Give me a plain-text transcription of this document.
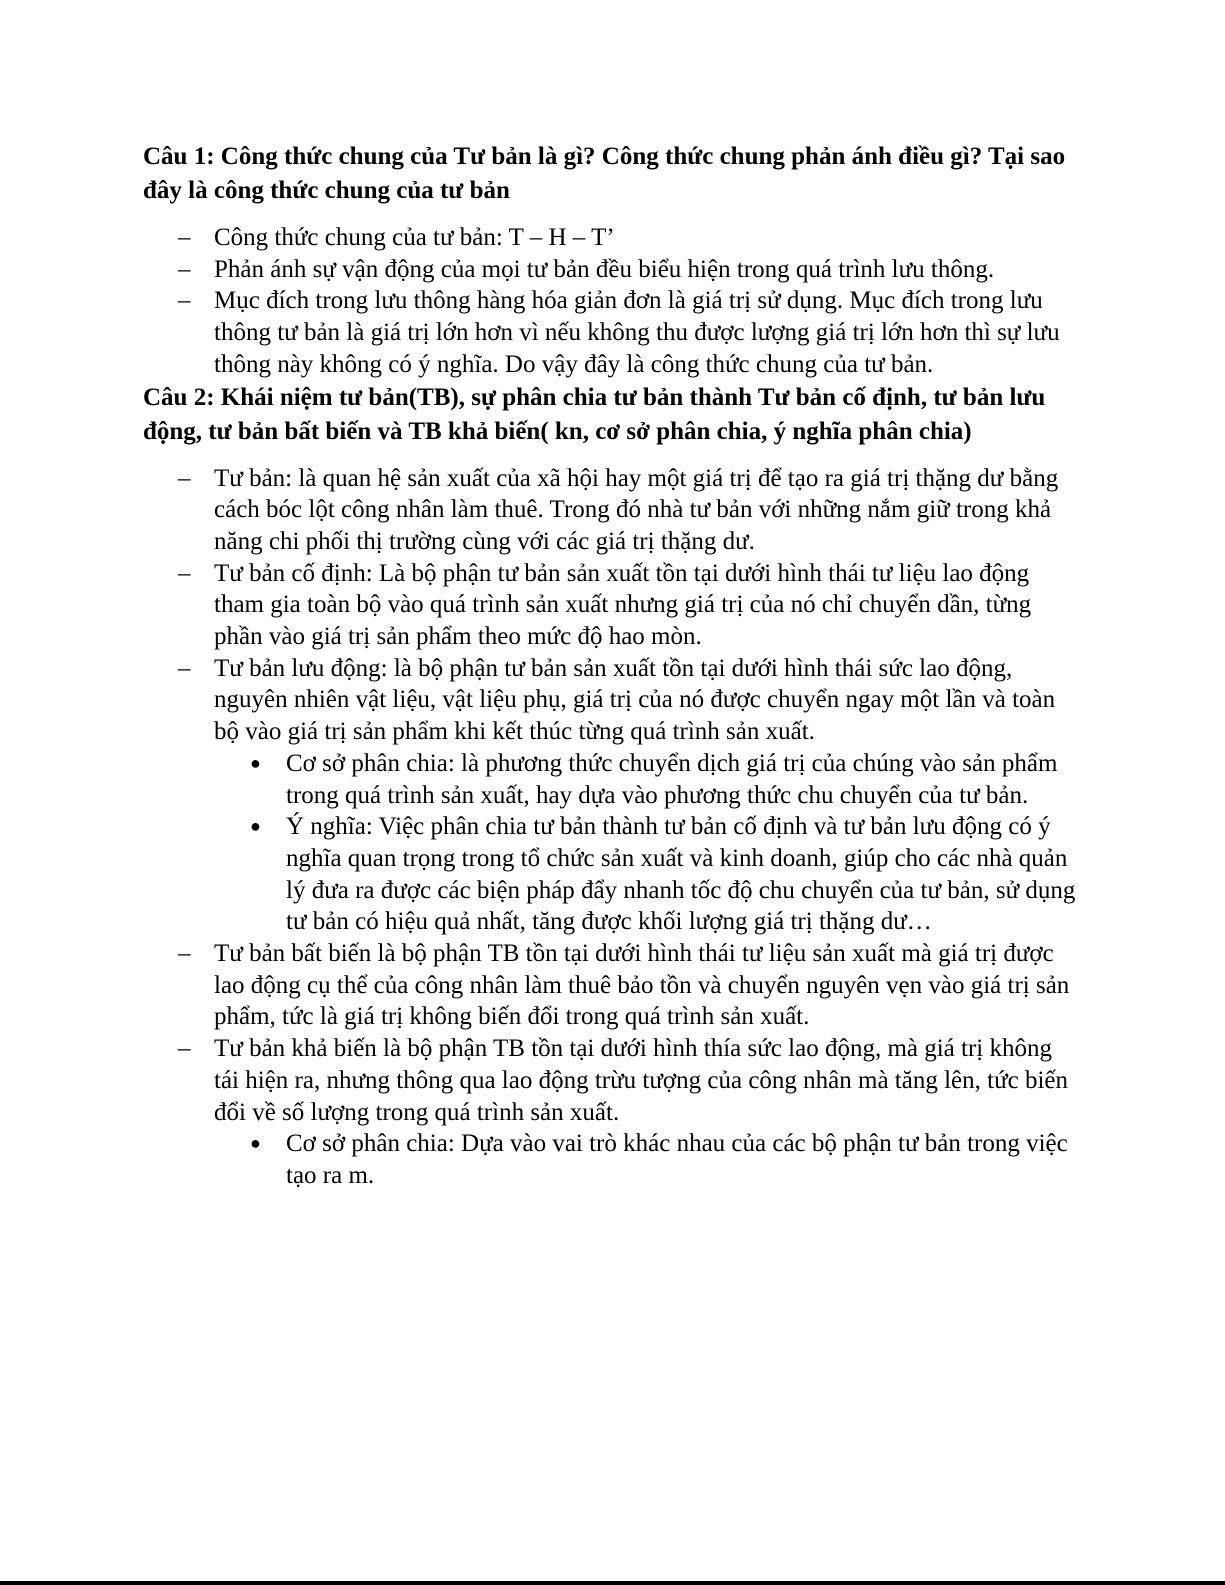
Câu 1: Công thức chung của Tư bản là gì? Công thức chung phản ánh điều gì? Tại sao đây là công thức chung của tư bản

– Công thức chung của tư bản: T – H – T’
– Phản ánh sự vận động của mọi tư bản đều biểu hiện trong quá trình lưu thông.
– Mục đích trong lưu thông hàng hóa giản đơn là giá trị sử dụng. Mục đích trong lưu thông tư bản là giá trị lớn hơn vì nếu không thu được lượng giá trị lớn hơn thì sự lưu thông này không có ý nghĩa. Do vậy đây là công thức chung của tư bản.

Câu 2: Khái niệm tư bản(TB), sự phân chia tư bản thành Tư bản cố định, tư bản lưu động, tư bản bất biến và TB khả biến( kn, cơ sở phân chia, ý nghĩa phân chia)

– Tư bản: là quan hệ sản xuất của xã hội hay một giá trị để tạo ra giá trị thặng dư bằng cách bóc lột công nhân làm thuê. Trong đó nhà tư bản với những nắm giữ trong khả năng chi phối thị trường cùng với các giá trị thặng dư.
– Tư bản cố định: Là bộ phận tư bản sản xuất tồn tại dưới hình thái tư liệu lao động tham gia toàn bộ vào quá trình sản xuất nhưng giá trị của nó chỉ chuyển dần, từng phần vào giá trị sản phẩm theo mức độ hao mòn.
– Tư bản lưu động: là bộ phận tư bản sản xuất tồn tại dưới hình thái sức lao động, nguyên nhiên vật liệu, vật liệu phụ, giá trị của nó được chuyển ngay một lần và toàn bộ vào giá trị sản phẩm khi kết thúc từng quá trình sản xuất.
● Cơ sở phân chia: là phương thức chuyển dịch giá trị của chúng vào sản phẩm trong quá trình sản xuất, hay dựa vào phương thức chu chuyển của tư bản.
● Ý nghĩa: Việc phân chia tư bản thành tư bản cố định và tư bản lưu động có ý nghĩa quan trọng trong tổ chức sản xuất và kinh doanh, giúp cho các nhà quản lý đưa ra được các biện pháp đẩy nhanh tốc độ chu chuyển của tư bản, sử dụng tư bản có hiệu quả nhất, tăng được khối lượng giá trị thặng dư…
– Tư bản bất biến là bộ phận TB tồn tại dưới hình thái tư liệu sản xuất mà giá trị được lao động cụ thể của công nhân làm thuê bảo tồn và chuyển nguyên vẹn vào giá trị sản phẩm, tức là giá trị không biến đổi trong quá trình sản xuất.
– Tư bản khả biến là bộ phận TB tồn tại dưới hình thía sức lao động, mà giá trị không tái hiện ra, nhưng thông qua lao động trừu tượng của công nhân mà tăng lên, tức biến đổi về số lượng trong quá trình sản xuất.
● Cơ sở phân chia: Dựa vào vai trò khác nhau của các bộ phận tư bản trong việc tạo ra m.
